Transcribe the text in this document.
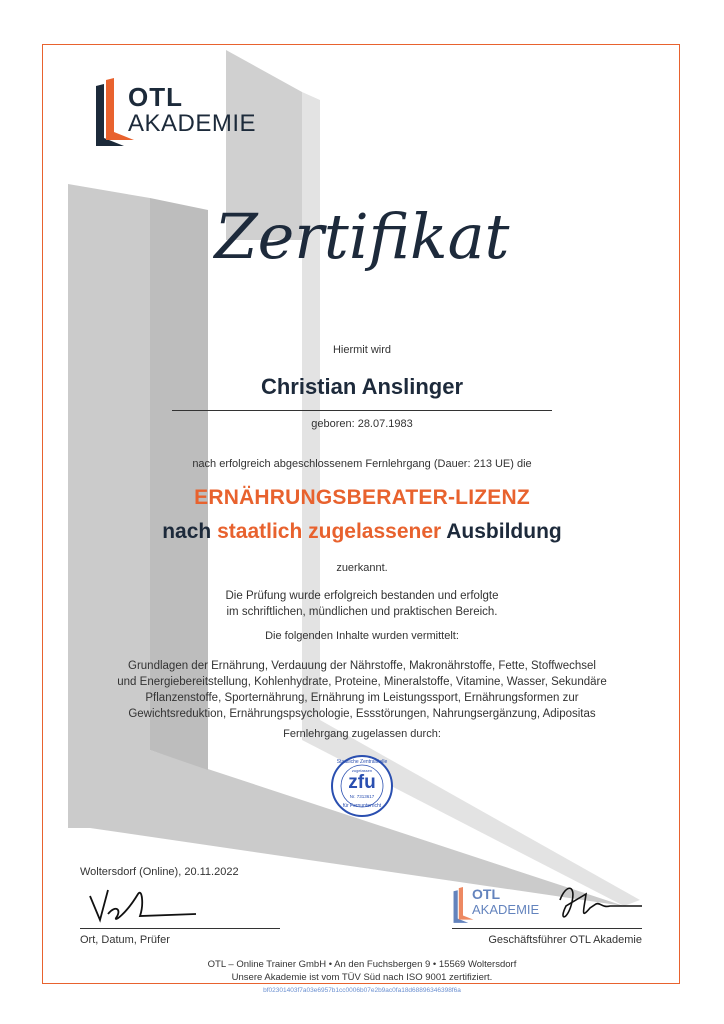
OTL
AKADEMIE
Zertifikat
Hiermit wird
Christian Anslinger
geboren: 28.07.1983
nach erfolgreich abgeschlossenem Fernlehrgang (Dauer: 213 UE) die
ERNÄHRUNGSBERATER-LIZENZ
nach staatlich zugelassener Ausbildung
zuerkannt.
Die Prüfung wurde erfolgreich bestanden und erfolgte
im schriftlichen, mündlichen und praktischen Bereich.
Die folgenden Inhalte wurden vermittelt:
Grundlagen der Ernährung, Verdauung der Nährstoffe, Makronährstoffe, Fette, Stoffwechsel
und Energiebereitstellung, Kohlenhydrate, Proteine, Mineralstoffe, Vitamine, Wasser, Sekundäre
Pflanzenstoffe, Sporternährung, Ernährung im Leistungssport, Ernährungsformen zur
Gewichtsreduktion, Ernährungspsychologie, Essstörungen, Nahrungsergänzung, Adipositas
Fernlehrgang zugelassen durch:
Staatliche Zentralstelle
zugelassen
zfu
Nr. 7313617
für Fernunterricht
Woltersdorf (Online), 20.11.2022
Ort, Datum, Prüfer
OTL
AKADEMIE
Geschäftsführer OTL Akademie
OTL – Online Trainer GmbH • An den Fuchsbergen 9 • 15569 Woltersdorf
Unsere Akademie ist vom TÜV Süd nach ISO 9001 zertifiziert.
bf02301403f7a03e6957b1cc0006b07e2b9ac0fa18d68896346398f6a
